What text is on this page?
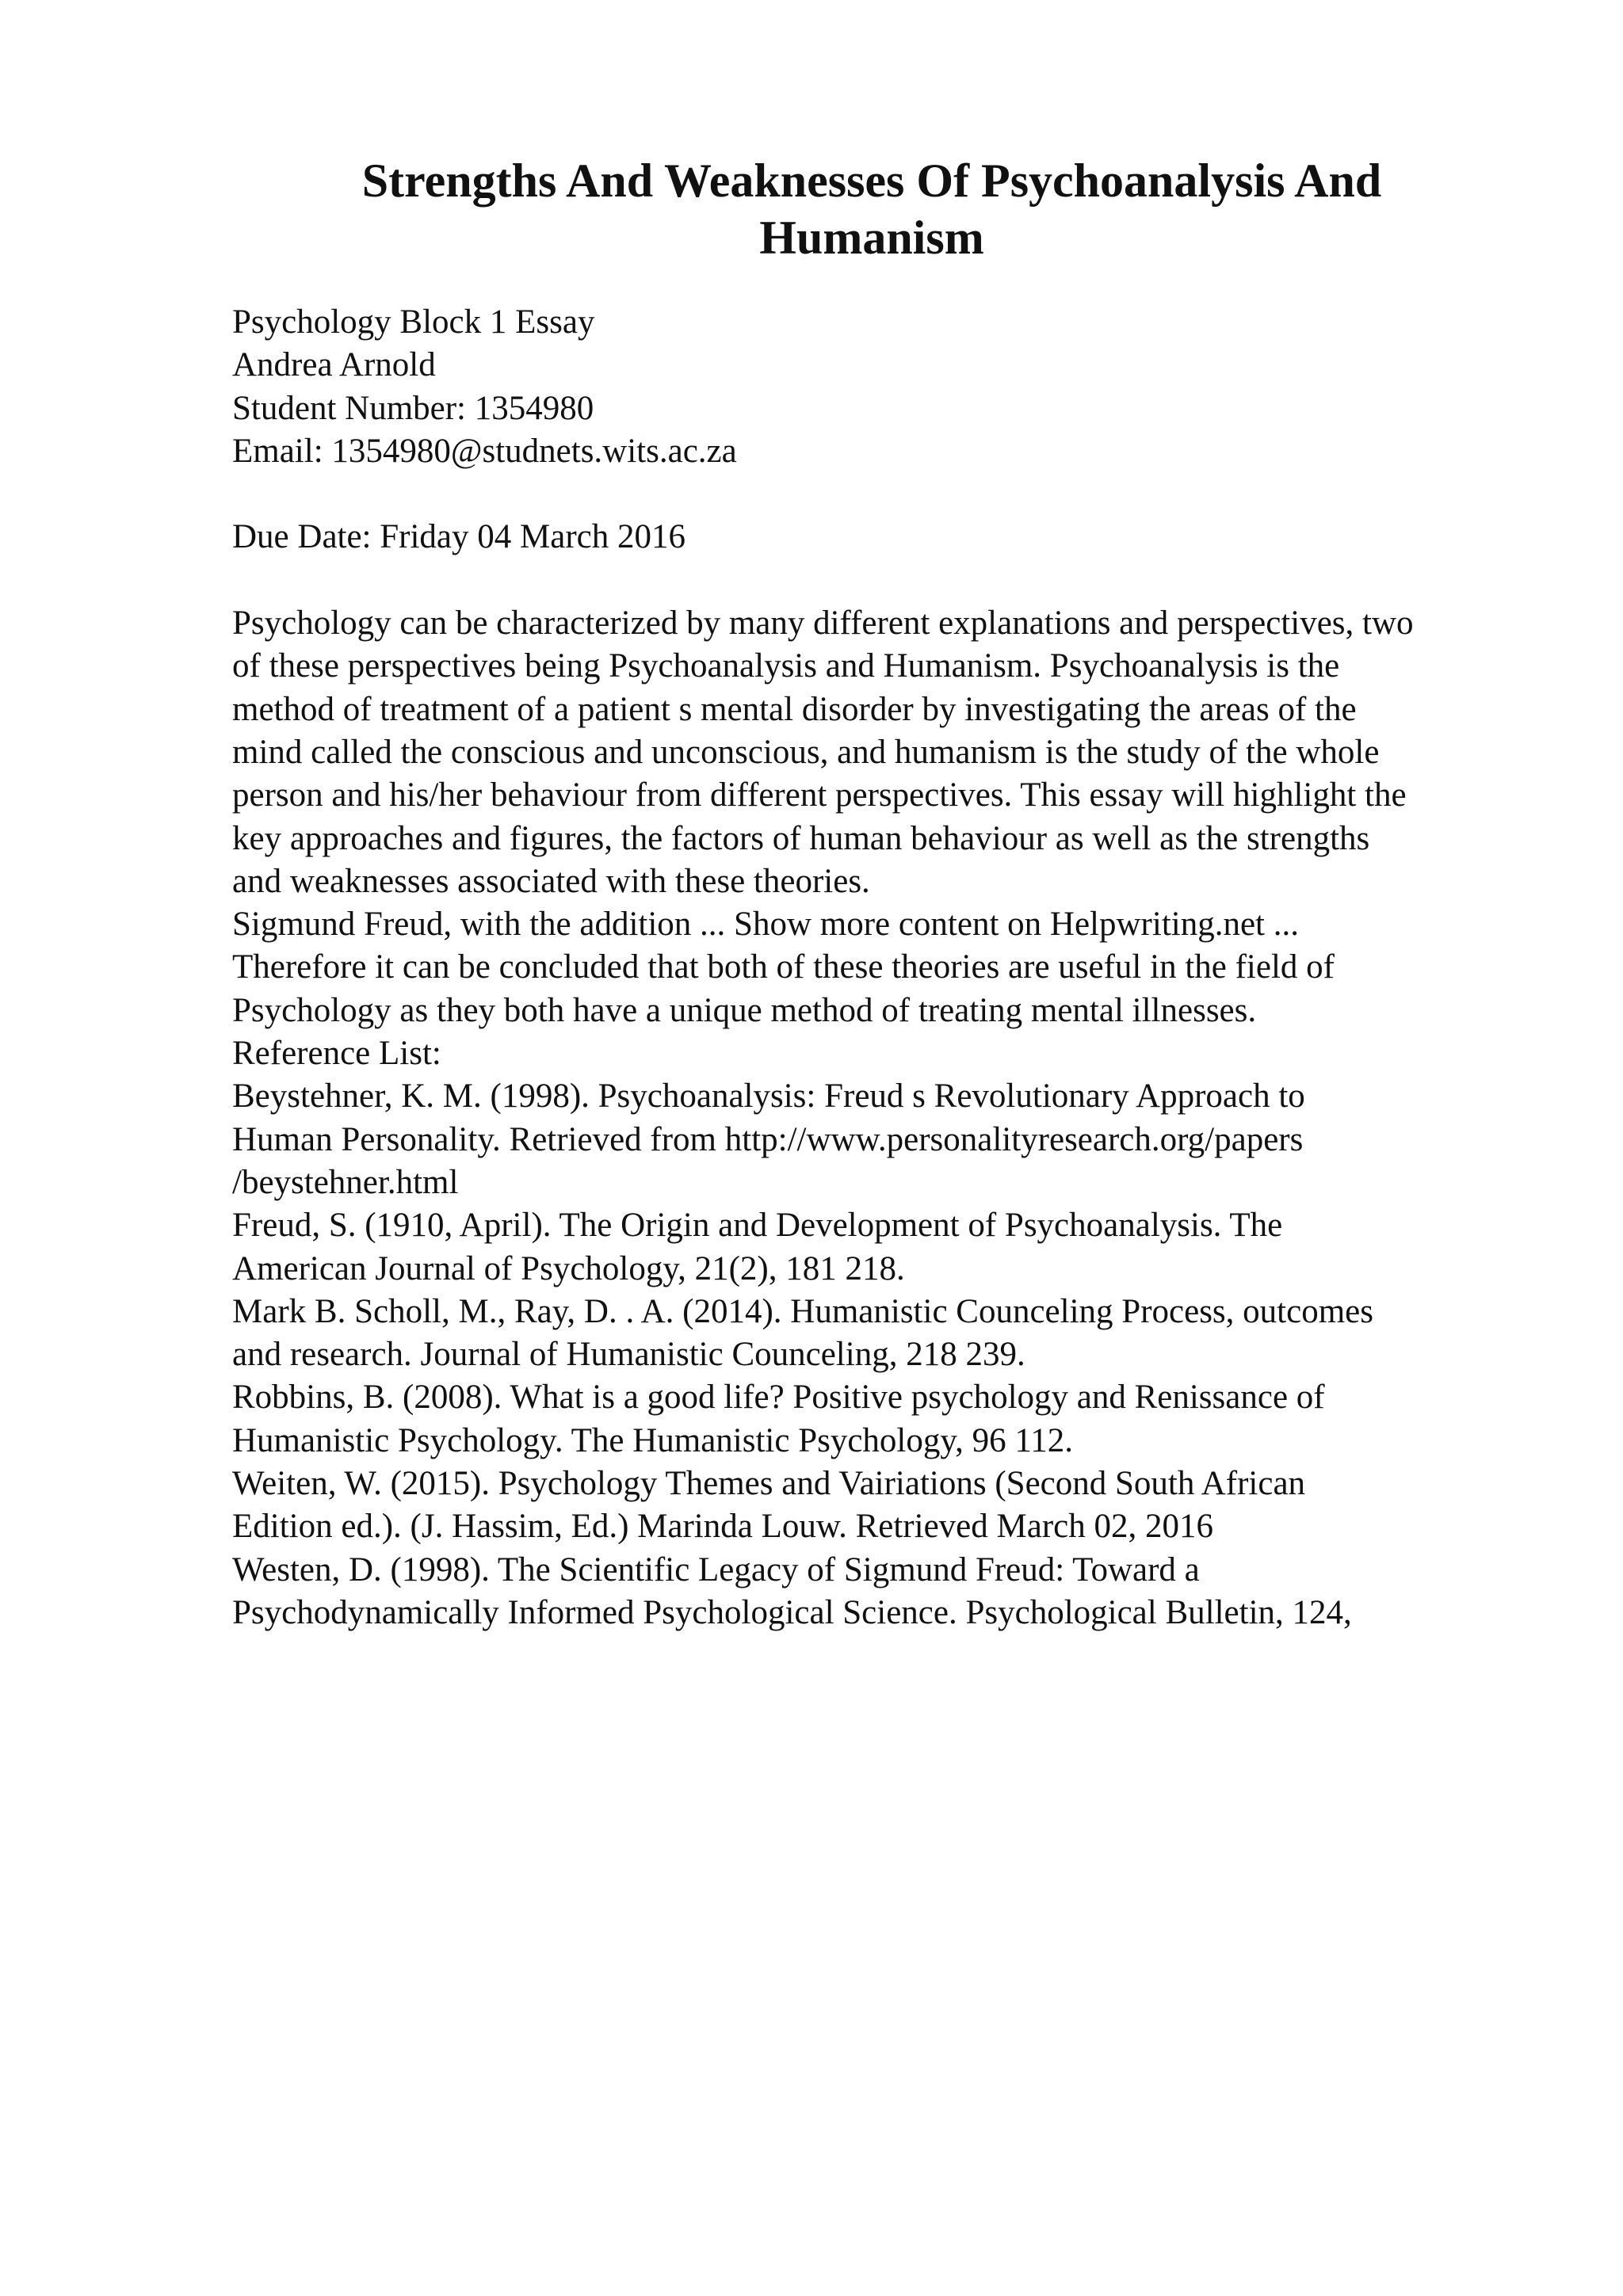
Strengths And Weaknesses Of Psychoanalysis And Humanism
Psychology Block 1 Essay
Andrea Arnold
Student Number: 1354980
Email: 1354980@studnets.wits.ac.za
Due Date: Friday 04 March 2016
Psychology can be characterized by many different explanations and perspectives, two
of these perspectives being Psychoanalysis and Humanism. Psychoanalysis is the
method of treatment of a patient s mental disorder by investigating the areas of the
mind called the conscious and unconscious, and humanism is the study of the whole
person and his/her behaviour from different perspectives. This essay will highlight the
key approaches and figures, the factors of human behaviour as well as the strengths
and weaknesses associated with these theories.
Sigmund Freud, with the addition ... Show more content on Helpwriting.net ...
Therefore it can be concluded that both of these theories are useful in the field of
Psychology as they both have a unique method of treating mental illnesses.
Reference List:
Beystehner, K. M. (1998). Psychoanalysis: Freud s Revolutionary Approach to
Human Personality. Retrieved from http://www.personalityresearch.org/papers
/beystehner.html
Freud, S. (1910, April). The Origin and Development of Psychoanalysis. The
American Journal of Psychology, 21(2), 181 218.
Mark B. Scholl, M., Ray, D. . A. (2014). Humanistic Counceling Process, outcomes
and research. Journal of Humanistic Counceling, 218 239.
Robbins, B. (2008). What is a good life? Positive psychology and Renissance of
Humanistic Psychology. The Humanistic Psychology, 96 112.
Weiten, W. (2015). Psychology Themes and Vairiations (Second South African
Edition ed.). (J. Hassim, Ed.) Marinda Louw. Retrieved March 02, 2016
Westen, D. (1998). The Scientific Legacy of Sigmund Freud: Toward a
Psychodynamically Informed Psychological Science. Psychological Bulletin, 124,
